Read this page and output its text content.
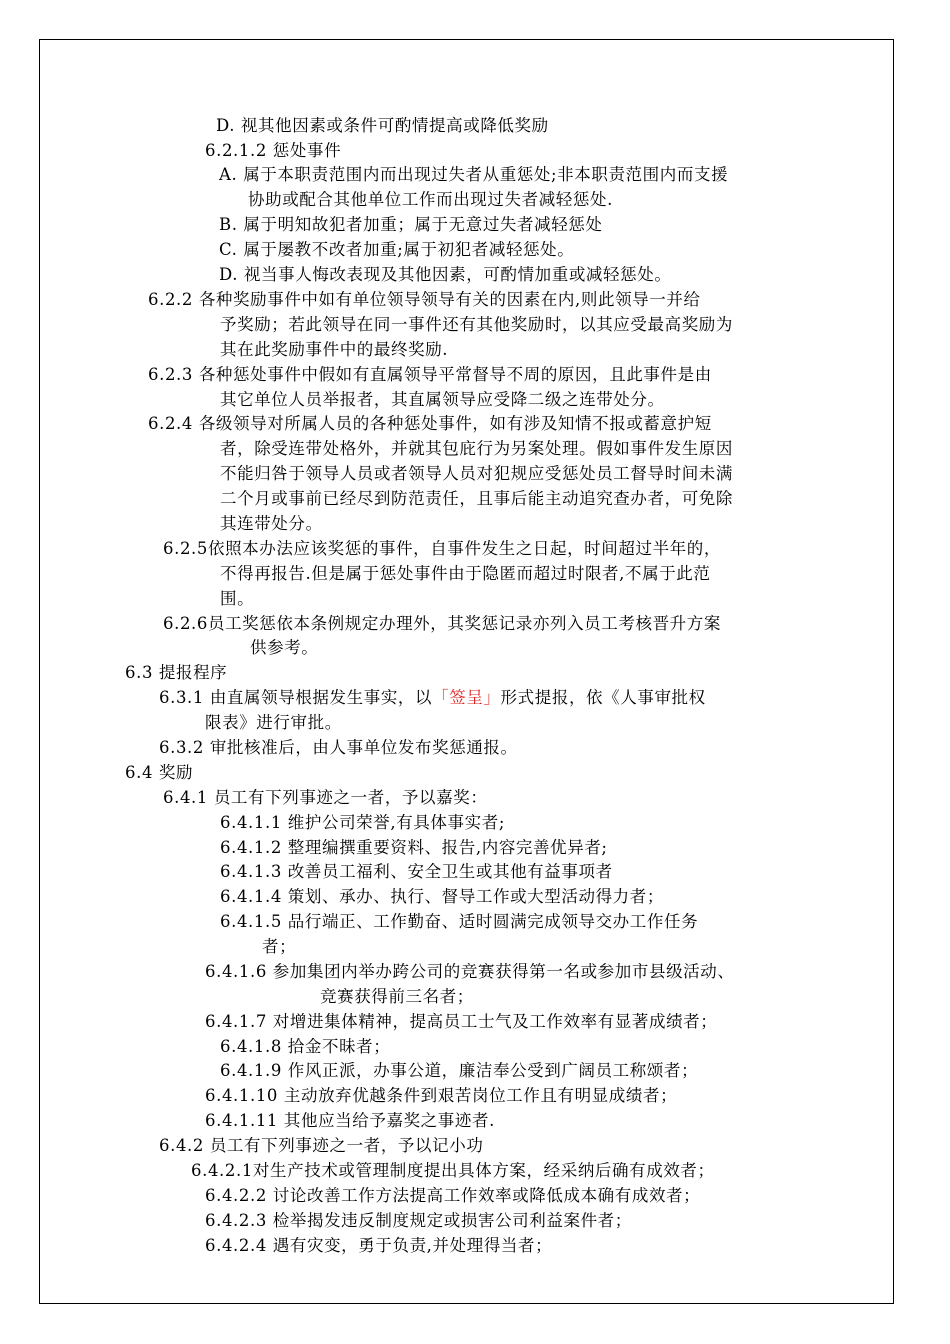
D. 视其他因素或条件可酌情提高或降低奖励
6.2.1.2 惩处事件
A. 属于本职责范围内而出现过失者从重惩处;非本职责范围内而支援
协助或配合其他单位工作而出现过失者减轻惩处.
B. 属于明知故犯者加重；属于无意过失者减轻惩处
C. 属于屡教不改者加重;属于初犯者减轻惩处。
D. 视当事人悔改表现及其他因素，可酌情加重或减轻惩处。
6.2.2 各种奖励事件中如有单位领导领导有关的因素在内,则此领导一并给
予奖励；若此领导在同一事件还有其他奖励时，以其应受最高奖励为
其在此奖励事件中的最终奖励.
6.2.3 各种惩处事件中假如有直属领导平常督导不周的原因，且此事件是由
其它单位人员举报者，其直属领导应受降二级之连带处分。
6.2.4 各级领导对所属人员的各种惩处事件，如有涉及知情不报或蓄意护短
者，除受连带处格外，并就其包庇行为另案处理。假如事件发生原因
不能归咎于领导人员或者领导人员对犯规应受惩处员工督导时间未满
二个月或事前已经尽到防范责任，且事后能主动追究查办者，可免除
其连带处分。
6.2.5依照本办法应该奖惩的事件，自事件发生之日起，时间超过半年的，
不得再报告.但是属于惩处事件由于隐匿而超过时限者,不属于此范
围。
6.2.6员工奖惩依本条例规定办理外，其奖惩记录亦列入员工考核晋升方案
供参考。
6.3 提报程序
6.3.1 由直属领导根据发生事实，以「签呈」形式提报，依《人事审批权
限表》进行审批。
6.3.2 审批核准后，由人事单位发布奖惩通报。
6.4 奖励
6.4.1 员工有下列事迹之一者，予以嘉奖：
6.4.1.1 维护公司荣誉,有具体事实者;
6.4.1.2 整理编撰重要资料、报告,内容完善优异者;
6.4.1.3 改善员工福利、安全卫生或其他有益事项者
6.4.1.4 策划、承办、执行、督导工作或大型活动得力者；
6.4.1.5 品行端正、工作勤奋、适时圆满完成领导交办工作任务
者；
6.4.1.6 参加集团内举办跨公司的竞赛获得第一名或参加市县级活动、
竞赛获得前三名者；
6.4.1.7 对增进集体精神，提高员工士气及工作效率有显著成绩者；
6.4.1.8 拾金不昧者；
6.4.1.9 作风正派，办事公道，廉洁奉公受到广阔员工称颂者；
6.4.1.10 主动放弃优越条件到艰苦岗位工作且有明显成绩者；
6.4.1.11 其他应当给予嘉奖之事迹者.
6.4.2 员工有下列事迹之一者，予以记小功
6.4.2.1对生产技术或管理制度提出具体方案，经采纳后确有成效者；
6.4.2.2 讨论改善工作方法提高工作效率或降低成本确有成效者；
6.4.2.3 检举揭发违反制度规定或损害公司利益案件者；
6.4.2.4 遇有灾变，勇于负责,并处理得当者；
